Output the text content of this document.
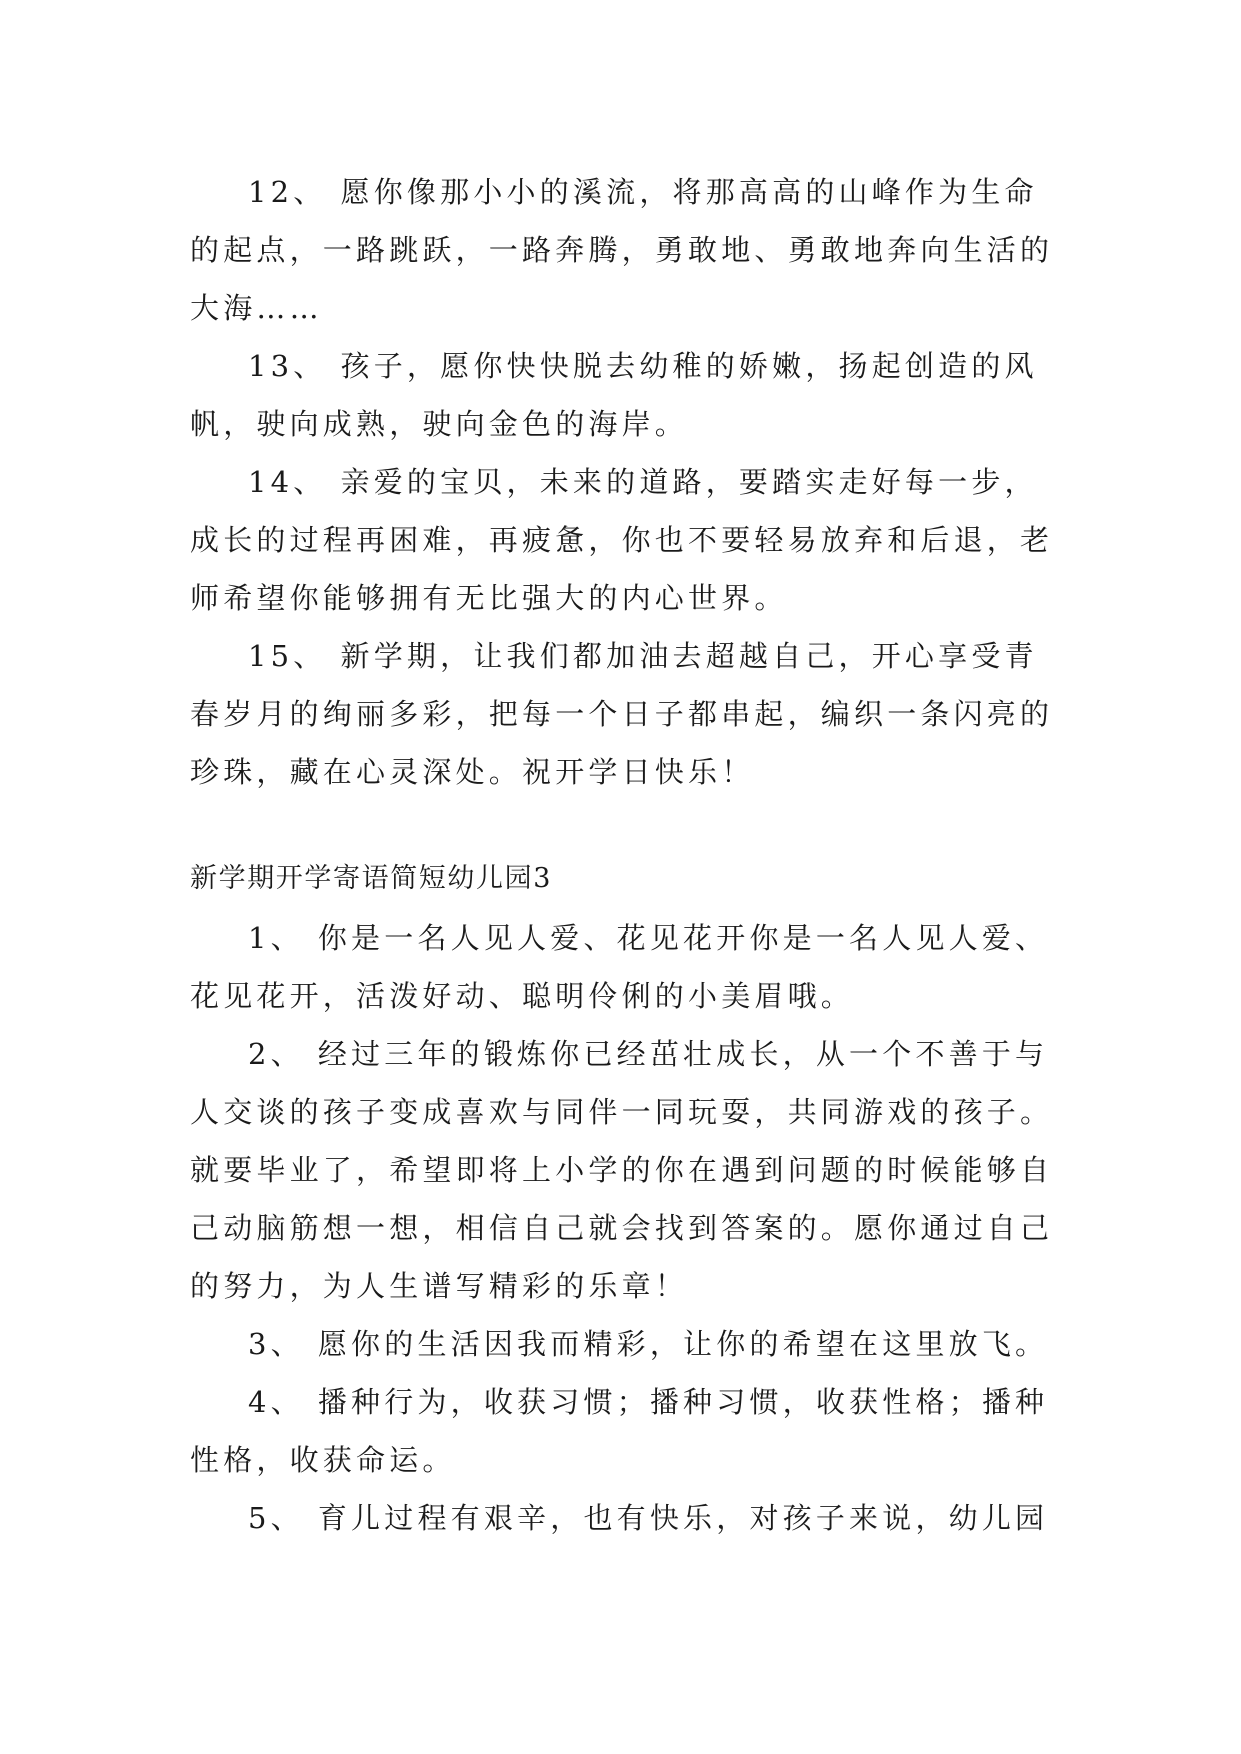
12、 愿你像那小小的溪流，将那高高的山峰作为生命的起点，一路跳跃，一路奔腾，勇敢地、勇敢地奔向生活的大海……

13、 孩子，愿你快快脱去幼稚的娇嫩，扬起创造的风帆，驶向成熟，驶向金色的海岸。

14、 亲爱的宝贝，未来的道路，要踏实走好每一步，成长的过程再困难，再疲惫，你也不要轻易放弃和后退，老师希望你能够拥有无比强大的内心世界。

15、 新学期，让我们都加油去超越自己，开心享受青春岁月的绚丽多彩，把每一个日子都串起，编织一条闪亮的珍珠，藏在心灵深处。祝开学日快乐！

新学期开学寄语简短幼儿园3

1、 你是一名人见人爱、花见花开你是一名人见人爱、花见花开，活泼好动、聪明伶俐的小美眉哦。

2、 经过三年的锻炼你已经茁壮成长，从一个不善于与人交谈的孩子变成喜欢与同伴一同玩耍，共同游戏的孩子。就要毕业了，希望即将上小学的你在遇到问题的时候能够自己动脑筋想一想，相信自己就会找到答案的。愿你通过自己的努力，为人生谱写精彩的乐章！

3、 愿你的生活因我而精彩，让你的希望在这里放飞。

4、 播种行为，收获习惯；播种习惯，收获性格；播种性格，收获命运。

5、 育儿过程有艰辛，也有快乐，对孩子来说，幼儿园
